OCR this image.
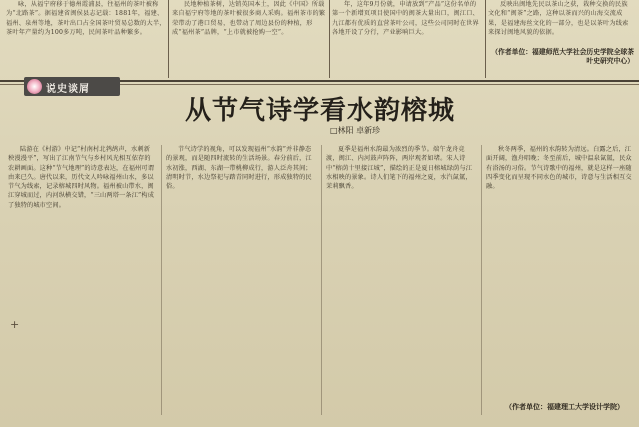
咏，从福宁府移于德州霞浦县，往福州的茶叶被称为“北路茶”。据福建省闽侯县志记载：1881年，福建、福州、泉州等地，茶叶出口占全国茶叶贸易总数的大半，茶叶年产量约为100多万吨，民间茶叶品种繁多。

民地种植茶树，达销英国本土，因此《中国》所载来自福宁府等地的茶叶被很多商人采购。福州茶市的繁荣带动了港口贸易，也带动了周边县份的种植，形成“福州茶”品牌，“上市就被抢购一空”。

年，这年9月份就，申请放到“产品”这份名单的第一个新增页项目使国中的闽茶大量出口，闽江口、九江都有优质的直营茶叶公司，这些公司同时在世界各地开设了分行，产业影响巨大。

反映出闽地先民以茶山之获，栽种交换的民族文化和“闽茶”之路，这种以茶而兴的山海交流成果，是福建海丝文化的一部分，也是以茶叶为线索来探讨闽地风貌的依据。

（作者单位：福建师范大学社会历史学院全球茶叶史研究中心）
说史谈屑
从节气诗学看水韵榕城
□林阳 卓新珍

陆游在《村游》中记“村南村北鹁鸪声，水刺新秧漫漫平”，写出了江南节气与乡村风光相互依存的农耕画面。这种“节气地理”的诗意表达，在福州可谓由来已久。唐代以来，历代文人吟咏福州山水，多以节气为线索，记录榕城四时风物。福州被山带水，闽江穿城而过，内河纵横交错，“三山两塔一条江”构成了独特的城市空间。

节气诗学的视角，可以发现福州“水韵”并非静态的景观，而是随四时流转的生活场景。春分前后，江水初涨，西湖、东湖一带桃柳成行，游人泛舟其间；清明时节，水边祭祀与踏青同时进行，形成独特的民俗。

夏季是福州水韵最为浓烈的季节。端午龙舟竞渡，闽江、内河鼓声阵阵，两岸观者如堵。宋人诗中“榕荫十里接江城”，描绘的正是夏日榕城绿荫与江水相映的景象。诗人们笔下的福州之夏，水汽氤氲，茉莉飘香。

秋冬两季，福州的水韵转为清远。白露之后，江面开阔，渔舟唱晚；冬至前后，城中温泉氤氲，民众有浴汤的习俗。节气诗歌中的福州，就是这样一座随四季变化而呈现不同水色的城市，诗意与生活相互交融。

（作者单位：福建理工大学设计学院）
+
